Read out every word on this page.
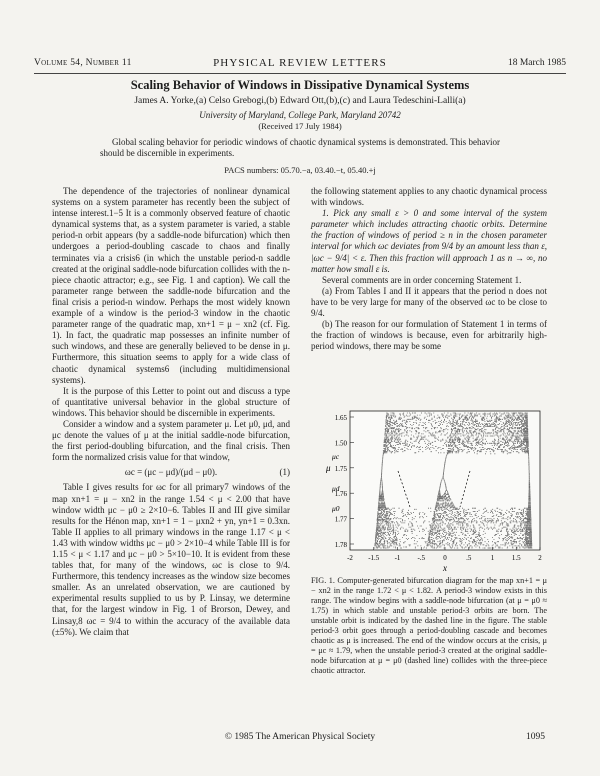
Volume 54, Number 11	PHYSICAL REVIEW LETTERS	18 March 1985
Scaling Behavior of Windows in Dissipative Dynamical Systems
James A. Yorke,(a) Celso Grebogi,(b) Edward Ott,(b),(c) and Laura Tedeschini-Lalli(a)
University of Maryland, College Park, Maryland 20742
(Received 17 July 1984)
Global scaling behavior for periodic windows of chaotic dynamical systems is demonstrated. This behavior should be discernible in experiments.
PACS numbers: 05.70.−a, 03.40.−t, 05.40.+j

The dependence of the trajectories of nonlinear dynamical systems on a system parameter has recently been the subject of intense interest.1−5 It is a commonly observed feature of chaotic dynamical systems that, as a system parameter is varied, a stable period-n orbit appears (by a saddle-node bifurcation) which then undergoes a period-doubling cascade to chaos and finally terminates via a crisis6 (in which the unstable period-n saddle created at the original saddle-node bifurcation collides with the n-piece chaotic attractor; e.g., see Fig. 1 and caption). We call the parameter range between the saddle-node bifurcation and the final crisis a period-n window. Perhaps the most widely known example of a window is the period-3 window in the chaotic parameter range of the quadratic map, xn+1 = μ − xn2 (cf. Fig. 1). In fact, the quadratic map possesses an infinite number of such windows, and these are generally believed to be dense in μ. Furthermore, this situation seems to apply for a wide class of chaotic dynamical systems6 (including multidimensional systems).

It is the purpose of this Letter to point out and discuss a type of quantitative universal behavior in the global structure of windows. This behavior should be discernible in experiments.

Consider a window and a system parameter μ. Let μ0, μd, and μc denote the values of μ at the initial saddle-node bifurcation, the first period-doubling bifurcation, and the final crisis. Then form the normalized crisis value for that window,

ωc = (μc − μd)/(μd − μ0).	(1)

Table I gives results for ωc for all primary7 windows of the map xn+1 = μ − xn2 in the range 1.54 < μ < 2.00 that have window width μc − μ0 ≥ 2×10−6. Tables II and III give similar results for the Hénon map, xn+1 = 1 − μxn2 + yn, yn+1 = 0.3xn. Table II applies to all primary windows in the range 1.17 < μ < 1.43 with window widths μc − μ0 > 2×10−4 while Table III is for 1.15 < μ < 1.17 and μc − μ0 > 5×10−10. It is evident from these tables that, for many of the windows, ωc is close to 9/4. Furthermore, this tendency increases as the window size becomes smaller. As an unrelated observation, we are cautioned by experimental results supplied to us by P. Linsay, we determine that, for the largest window in Fig. 1 of Brorson, Dewey, and Linsay,8 ωc = 9/4 to within the accuracy of the available data (±5%). We claim that

the following statement applies to any chaotic dynamical process with windows.

1. Pick any small ε > 0 and some interval of the system parameter which includes attracting chaotic orbits. Determine the fraction of windows of period ≥ n in the chosen parameter interval for which ωc deviates from 9/4 by an amount less than ε, |ωc − 9/4| < ε. Then this fraction will approach 1 as n → ∞, no matter how small ε is.

Several comments are in order concerning Statement 1.

(a) From Tables I and II it appears that the period n does not have to be very large for many of the observed ωc to be close to 9/4.

(b) The reason for our formulation of Statement 1 in terms of the fraction of windows is because, even for arbitrarily high-period windows, there may be some

1.65
1.50
1.75
1.76
1.77
1.78
μ
μc
μd
μ0
-2 -1.5 -1 -.5	0	.5	1	1.5	2
x
FIG. 1. Computer-generated bifurcation diagram for the map xn+1 = μ − xn2 in the range 1.72 < μ < 1.82. A period-3 window exists in this range. The window begins with a saddle-node bifurcation (at μ = μ0 ≈ 1.75) in which stable and unstable period-3 orbits are born. The unstable orbit is indicated by the dashed line in the figure. The stable period-3 orbit goes through a period-doubling cascade and becomes chaotic as μ is increased. The end of the window occurs at the crisis, μ = μc ≈ 1.79, when the unstable period-3 created at the original saddle-node bifurcation at μ = μ0 (dashed line) collides with the three-piece chaotic attractor.
© 1985 The American Physical Society	1095
